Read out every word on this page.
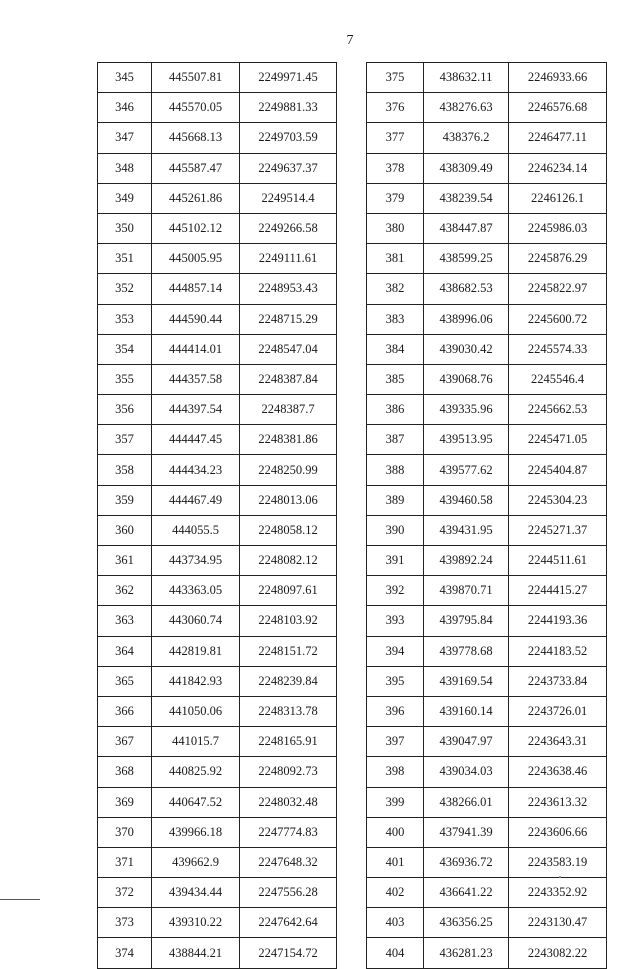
7
345	445507.81	2249971.45
346	445570.05	2249881.33
347	445668.13	2249703.59
348	445587.47	2249637.37
349	445261.86	2249514.4
350	445102.12	2249266.58
351	445005.95	2249111.61
352	444857.14	2248953.43
353	444590.44	2248715.29
354	444414.01	2248547.04
355	444357.58	2248387.84
356	444397.54	2248387.7
357	444447.45	2248381.86
358	444434.23	2248250.99
359	444467.49	2248013.06
360	444055.5	2248058.12
361	443734.95	2248082.12
362	443363.05	2248097.61
363	443060.74	2248103.92
364	442819.81	2248151.72
365	441842.93	2248239.84
366	441050.06	2248313.78
367	441015.7	2248165.91
368	440825.92	2248092.73
369	440647.52	2248032.48
370	439966.18	2247774.83
371	439662.9	2247648.32
372	439434.44	2247556.28
373	439310.22	2247642.64
374	438844.21	2247154.72
375	438632.11	2246933.66
376	438276.63	2246576.68
377	438376.2	2246477.11
378	438309.49	2246234.14
379	438239.54	2246126.1
380	438447.87	2245986.03
381	438599.25	2245876.29
382	438682.53	2245822.97
383	438996.06	2245600.72
384	439030.42	2245574.33
385	439068.76	2245546.4
386	439335.96	2245662.53
387	439513.95	2245471.05
388	439577.62	2245404.87
389	439460.58	2245304.23
390	439431.95	2245271.37
391	439892.24	2244511.61
392	439870.71	2244415.27
393	439795.84	2244193.36
394	439778.68	2244183.52
395	439169.54	2243733.84
396	439160.14	2243726.01
397	439047.97	2243643.31
398	439034.03	2243638.46
399	438266.01	2243613.32
400	437941.39	2243606.66
401	436936.72	2243583.19
402	436641.22	2243352.92
403	436356.25	2243130.47
404	436281.23	2243082.22
